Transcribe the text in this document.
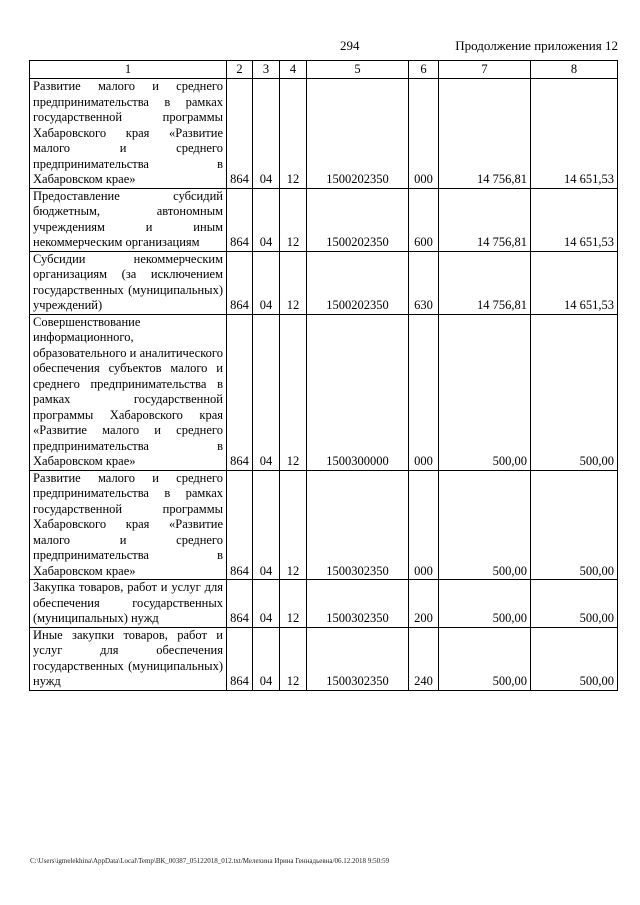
294	Продолжение приложения 12
1	2	3	4	5	6	7	8
Развитие малого и среднего предпринимательства в рамках государственной программы Хабаровского края «Развитие малого и среднего предпринимательства в Хабаровском крае»	864	04	12	1500202350	000	14 756,81	14 651,53
Предоставление субсидий бюджетным, автономным учреждениям и иным некоммерческим организациям	864	04	12	1500202350	600	14 756,81	14 651,53
Субсидии некоммерческим организациям (за исключением государственных (муниципальных) учреждений)	864	04	12	1500202350	630	14 756,81	14 651,53
Совершенствование информационного, образовательного и аналитического обеспечения субъектов малого и среднего предпринимательства в рамках государственной программы Хабаровского края «Развитие малого и среднего предпринимательства в Хабаровском крае»	864	04	12	1500300000	000	500,00	500,00
Развитие малого и среднего предпринимательства в рамках государственной программы Хабаровского края «Развитие малого и среднего предпринимательства в Хабаровском крае»	864	04	12	1500302350	000	500,00	500,00
Закупка товаров, работ и услуг для обеспечения государственных (муниципальных) нужд	864	04	12	1500302350	200	500,00	500,00
Иные закупки товаров, работ и услуг для обеспечения государственных (муниципальных) нужд	864	04	12	1500302350	240	500,00	500,00
C:\Users\igmelekhina\AppData\Local\Temp\ВК_00387_05122018_012.txt/Мелехина Ирина Геннадьевна/06.12.2018 9:50:59
